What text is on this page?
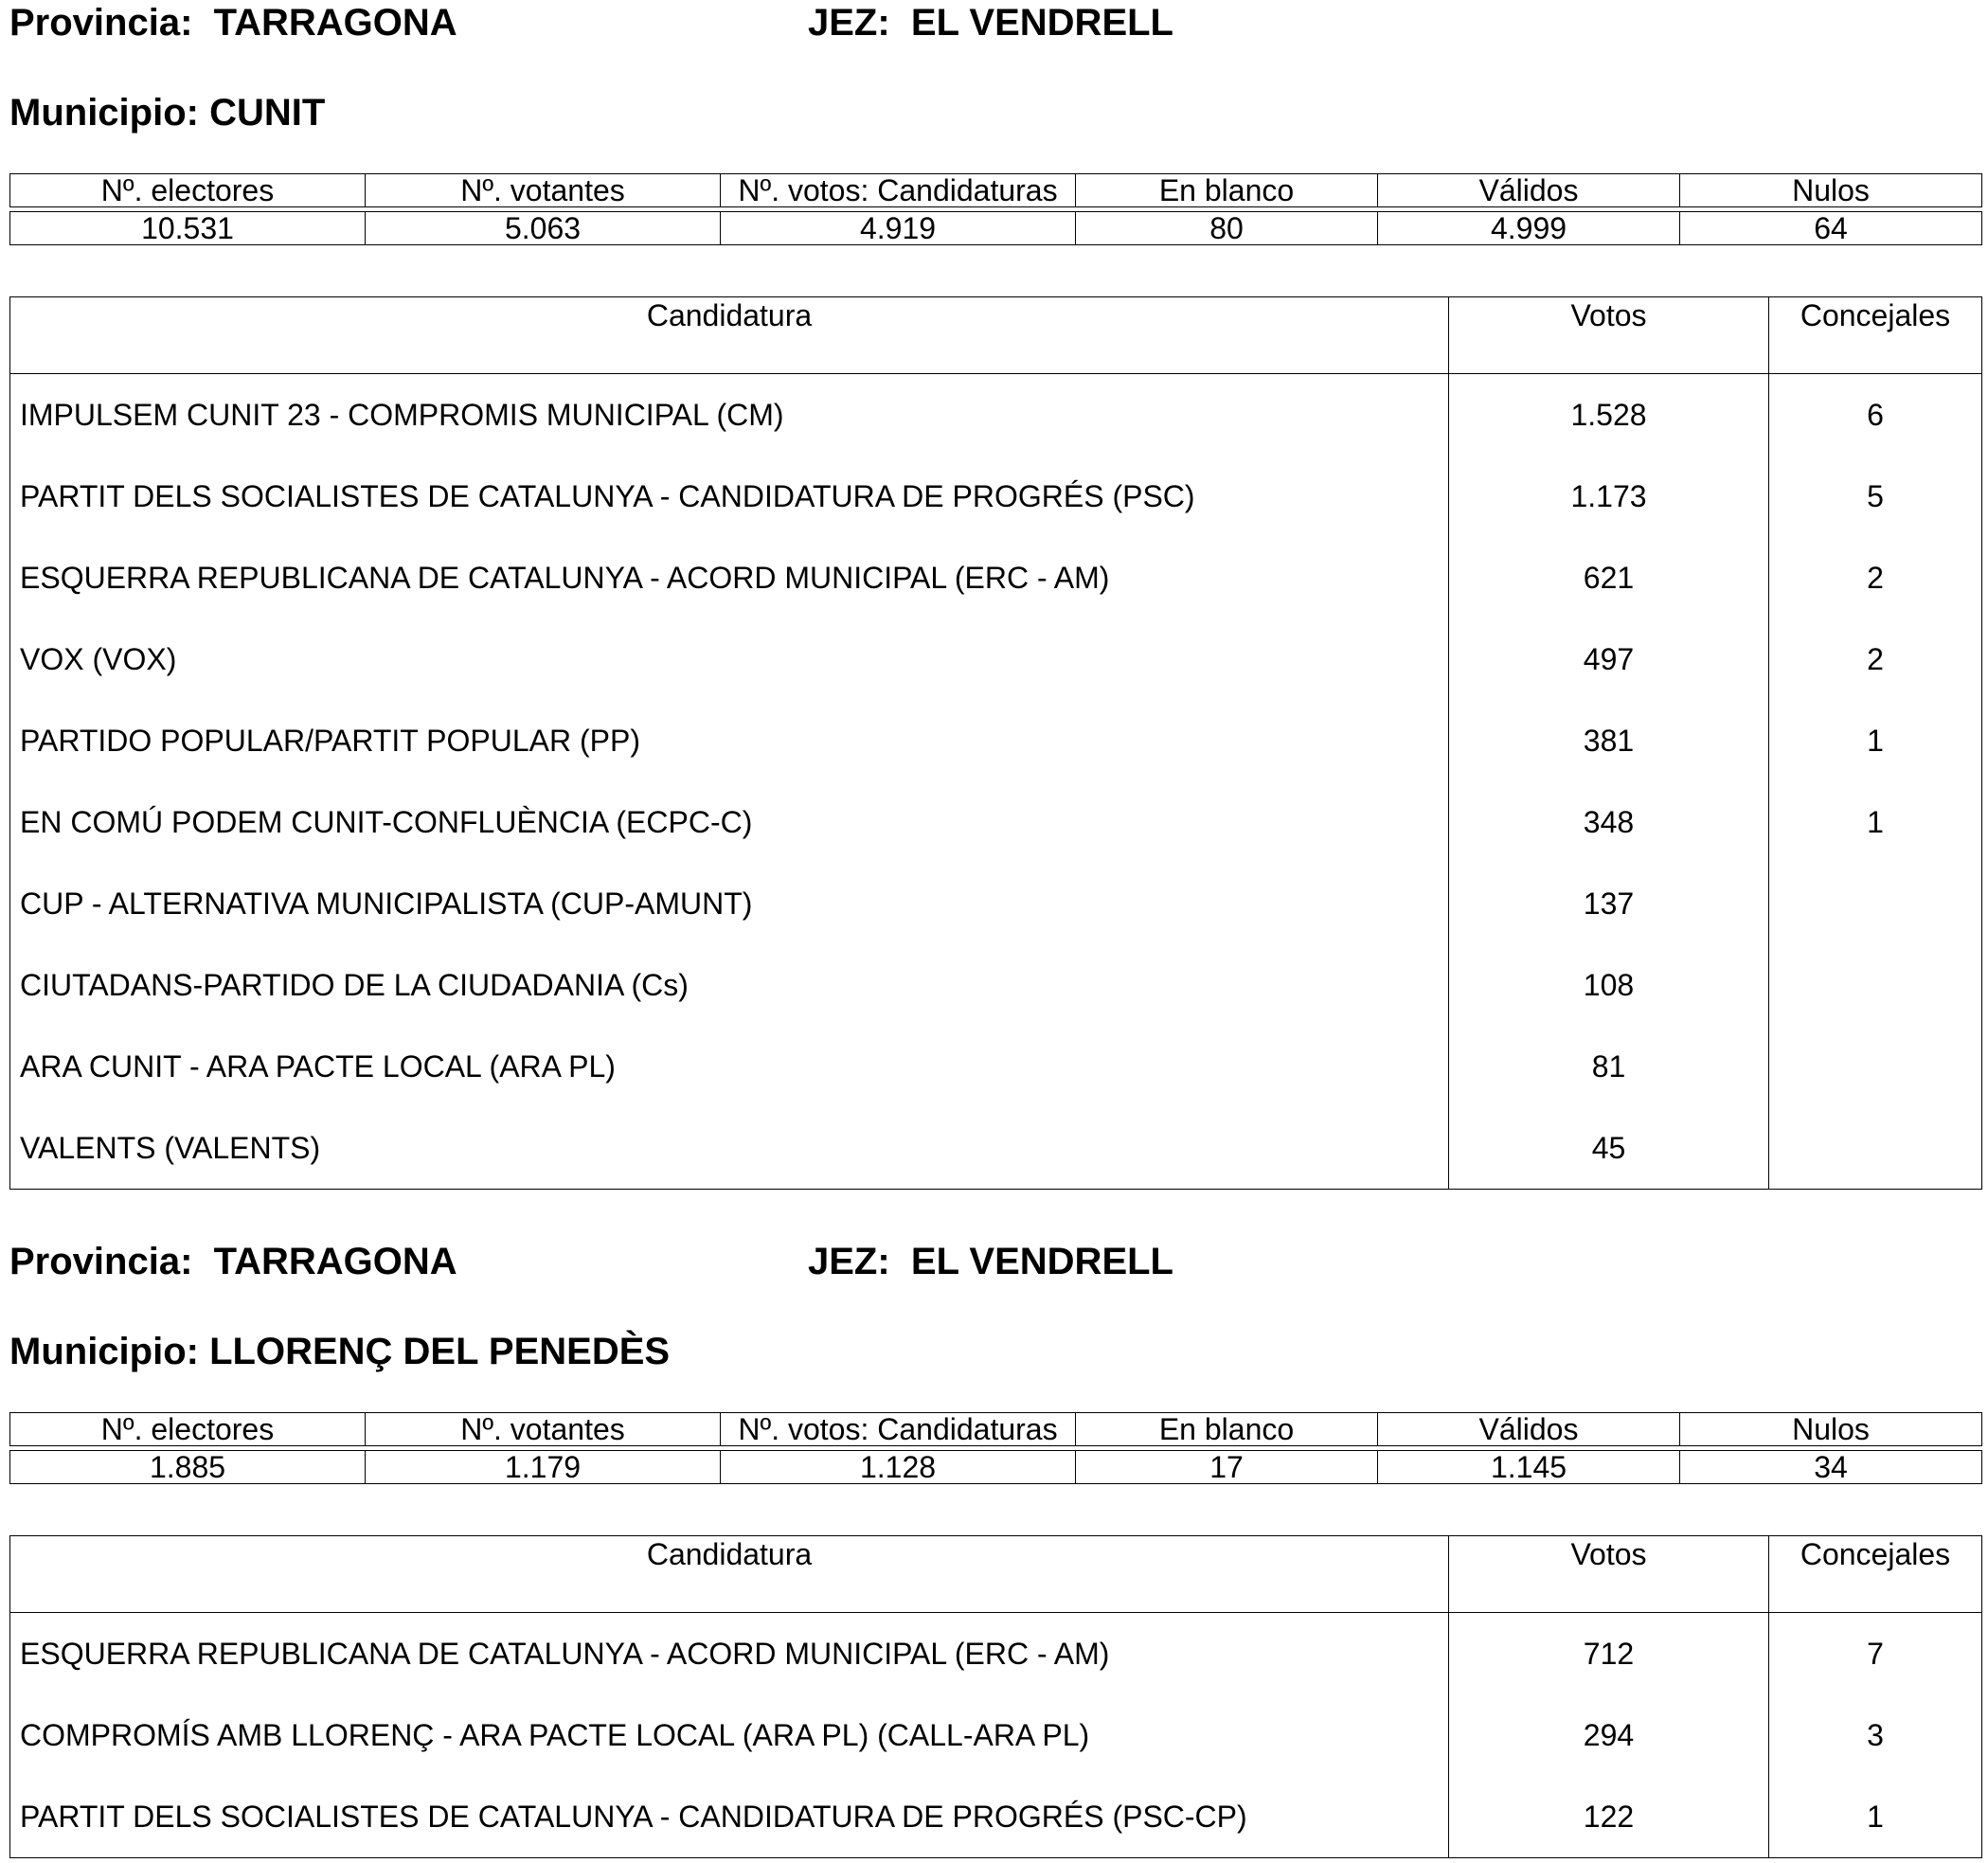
Provincia: TARRAGONA	JEZ: EL VENDRELL
Municipio: CUNIT
Nº. electores	Nº. votantes	Nº. votos: Candidaturas	En blanco	Válidos	Nulos

10.531	5.063	4.919	80	4.999	64
Candidatura	Votos	Concejales
IMPULSEM CUNIT 23 - COMPROMIS MUNICIPAL (CM)	1.528	6
PARTIT DELS SOCIALISTES DE CATALUNYA - CANDIDATURA DE PROGRÉS (PSC)	1.173	5
ESQUERRA REPUBLICANA DE CATALUNYA - ACORD MUNICIPAL (ERC - AM)	621	2
VOX (VOX)	497	2
PARTIDO POPULAR/PARTIT POPULAR (PP)	381	1
EN COMÚ PODEM CUNIT-CONFLUÈNCIA (ECPC-C)	348	1
CUP - ALTERNATIVA MUNICIPALISTA (CUP-AMUNT)	137	
CIUTADANS-PARTIDO DE LA CIUDADANIA (Cs)	108	
ARA CUNIT - ARA PACTE LOCAL (ARA PL)	81	
VALENTS (VALENTS)	45	
Provincia: TARRAGONA	JEZ: EL VENDRELL
Municipio: LLORENÇ DEL PENEDÈS
Nº. electores	Nº. votantes	Nº. votos: Candidaturas	En blanco	Válidos	Nulos

1.885	1.179	1.128	17	1.145	34
Candidatura	Votos	Concejales
ESQUERRA REPUBLICANA DE CATALUNYA - ACORD MUNICIPAL (ERC - AM)	712	7
COMPROMÍS AMB LLORENÇ - ARA PACTE LOCAL (ARA PL) (CALL-ARA PL)	294	3
PARTIT DELS SOCIALISTES DE CATALUNYA - CANDIDATURA DE PROGRÉS (PSC-CP)	122	1
